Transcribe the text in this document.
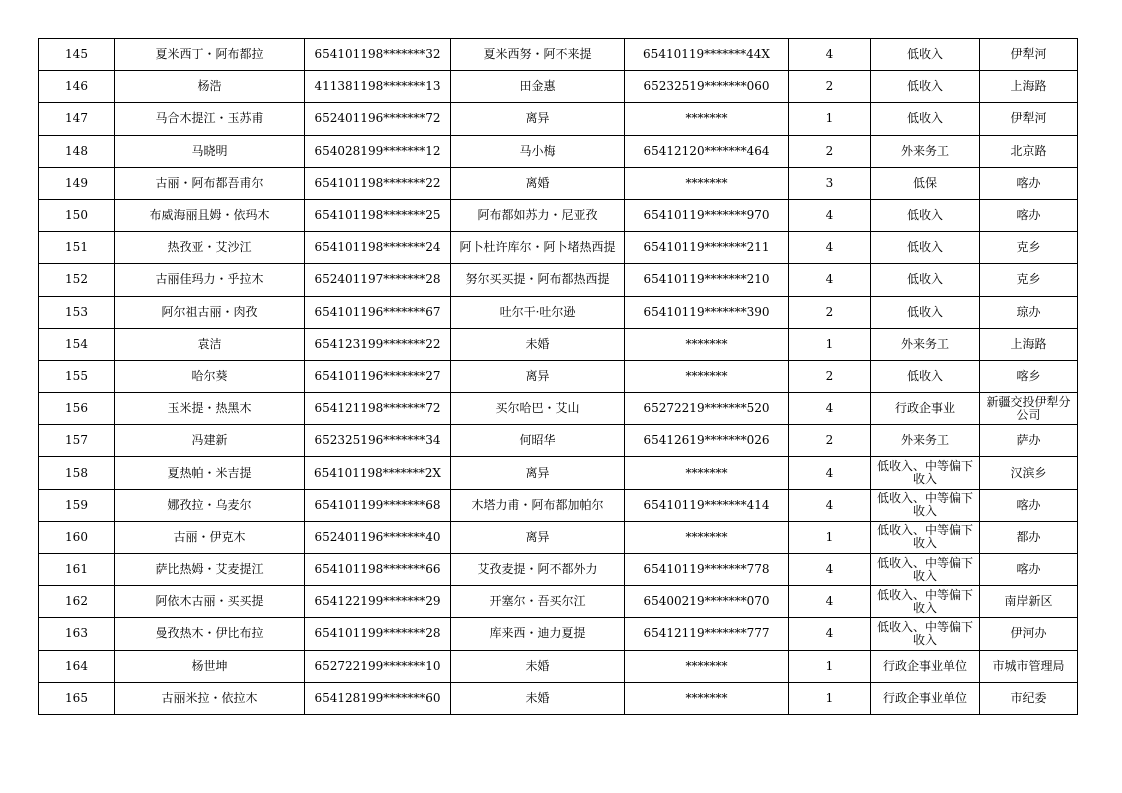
145	夏米西丁・阿布都拉	654101198*******32	夏米西努・阿不来提	65410119*******44X	4	低收入	伊犁河
146	杨浩	411381198*******13	田金惠	65232519*******060	2	低收入	上海路
147	马合木提江・玉苏甫	652401196*******72	离异	*******	1	低收入	伊犁河
148	马晓明	654028199*******12	马小梅	65412120*******464	2	外来务工	北京路
149	古丽・阿布都吾甫尔	654101198*******22	离婚	*******	3	低保	喀办
150	布威海丽且姆・依玛木	654101198*******25	阿布都如苏力・尼亚孜	65410119*******970	4	低收入	喀办
151	热孜亚・艾沙江	654101198*******24	阿卜杜许库尔・阿卜堵热西提	65410119*******211	4	低收入	克乡
152	古丽佳玛力・乎拉木	652401197*******28	努尔买买提・阿布都热西提	65410119*******210	4	低收入	克乡
153	阿尔祖古丽・肉孜	654101196*******67	吐尔干·吐尔逊	65410119*******390	2	低收入	琼办
154	袁洁	654123199*******22	未婚	*******	1	外来务工	上海路
155	哈尔葵	654101196*******27	离异	*******	2	低收入	喀乡
156	玉米提・热黑木	654121198*******72	买尔哈巴・艾山	65272219*******520	4	行政企事业	新疆交投伊犁分公司
157	冯建新	652325196*******34	何昭华	65412619*******026	2	外来务工	萨办
158	夏热帕・米吉提	654101198*******2X	离异	*******	4	低收入、中等偏下收入	汉滨乡
159	娜孜拉・乌麦尔	654101199*******68	木塔力甫・阿布都加帕尔	65410119*******414	4	低收入、中等偏下收入	喀办
160	古丽・伊克木	652401196*******40	离异	*******	1	低收入、中等偏下收入	都办
161	萨比热姆・艾麦提江	654101198*******66	艾孜麦提・阿不都外力	65410119*******778	4	低收入、中等偏下收入	喀办
162	阿依木古丽・买买提	654122199*******29	开塞尔・吾买尔江	65400219*******070	4	低收入、中等偏下收入	南岸新区
163	曼孜热木・伊比布拉	654101199*******28	库来西・迪力夏提	65412119*******777	4	低收入、中等偏下收入	伊河办
164	杨世坤	652722199*******10	未婚	*******	1	行政企事业单位	市城市管理局
165	古丽米拉・依拉木	654128199*******60	未婚	*******	1	行政企事业单位	市纪委
